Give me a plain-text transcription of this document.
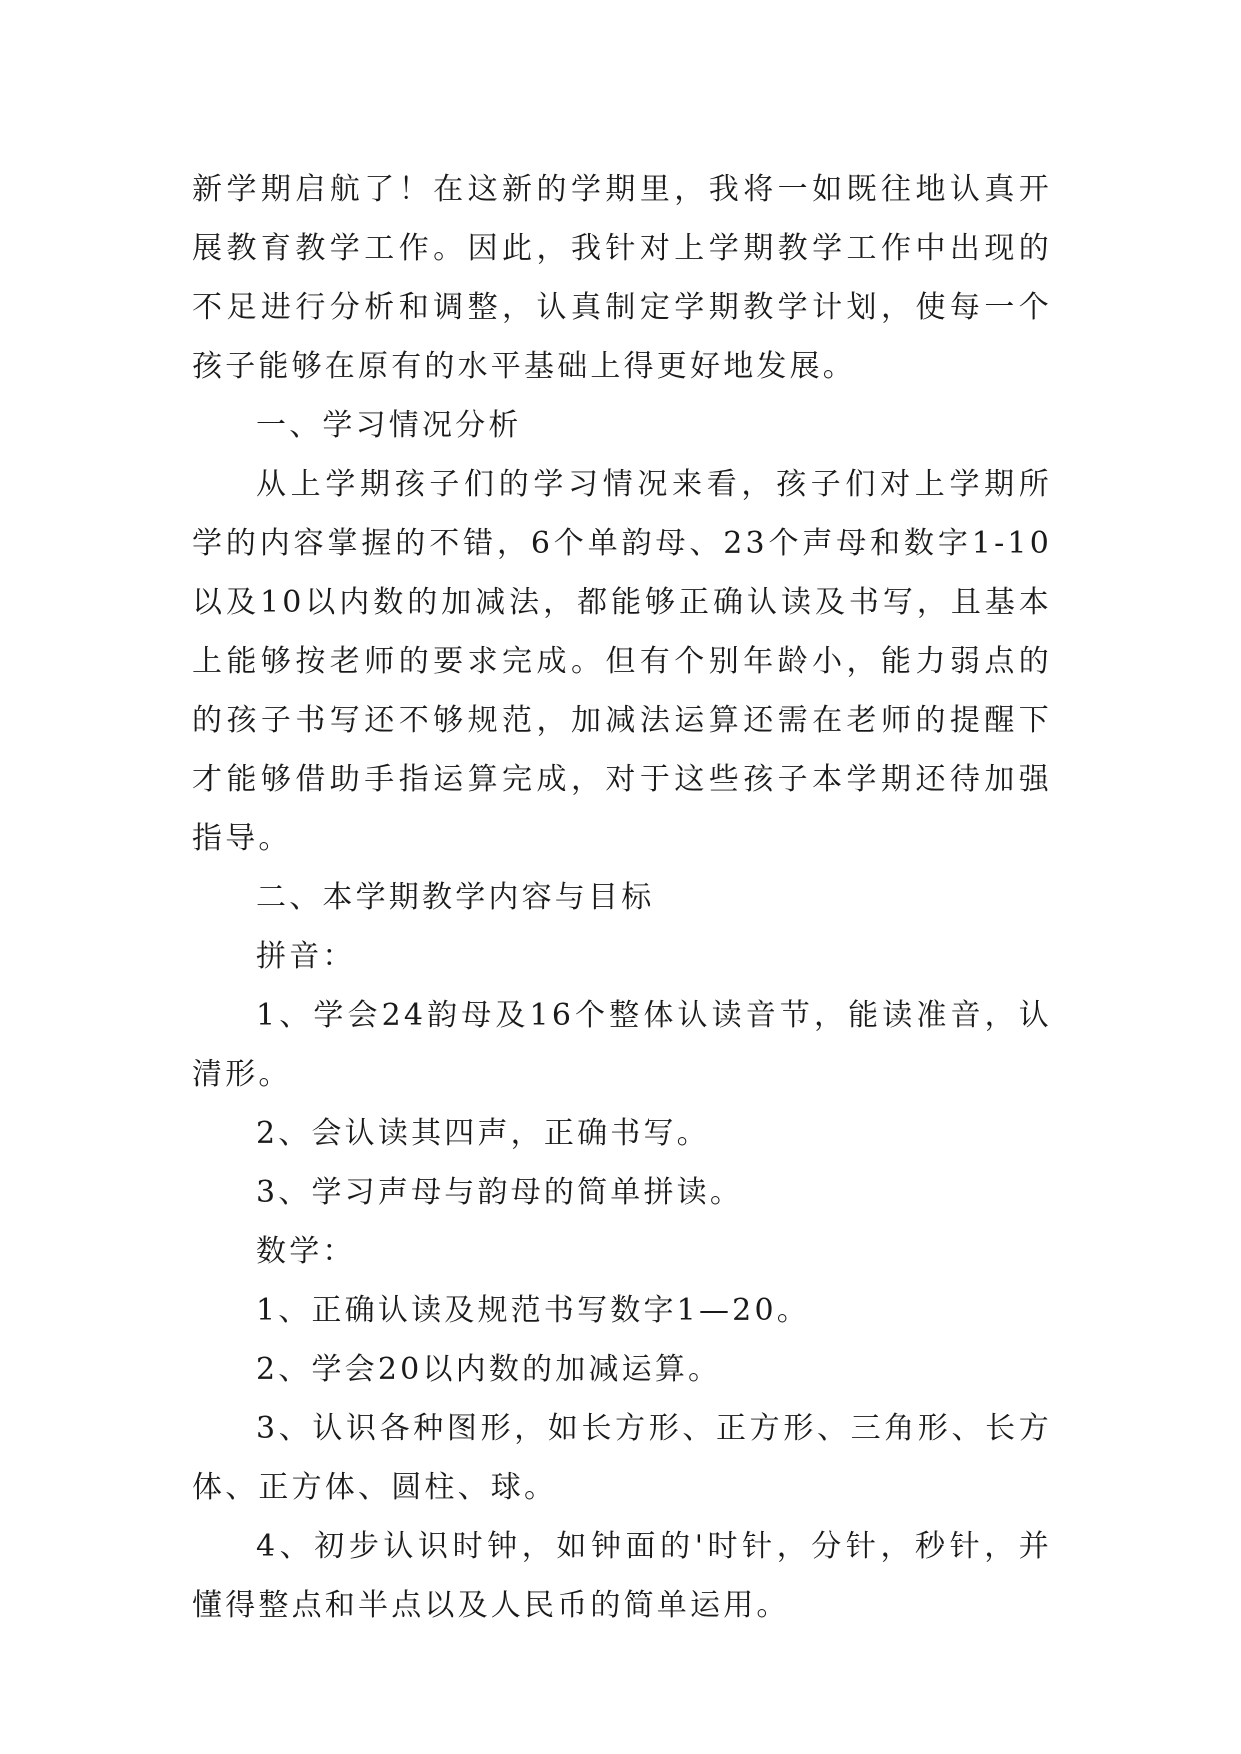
新学期启航了！在这新的学期里，我将一如既往地认真开展教育教学工作。因此，我针对上学期教学工作中出现的不足进行分析和调整，认真制定学期教学计划，使每一个孩子能够在原有的水平基础上得更好地发展。

一、学习情况分析

从上学期孩子们的学习情况来看，孩子们对上学期所学的内容掌握的不错，6个单韵母、23个声母和数字1-10以及10以内数的加减法，都能够正确认读及书写，且基本上能够按老师的要求完成。但有个别年龄小，能力弱点的的孩子书写还不够规范，加减法运算还需在老师的提醒下才能够借助手指运算完成，对于这些孩子本学期还待加强指导。

二、本学期教学内容与目标

拼音：

1、学会24韵母及16个整体认读音节，能读准音，认清形。

2、会认读其四声，正确书写。

3、学习声母与韵母的简单拼读。

数学：

1、正确认读及规范书写数字1—20。

2、学会20以内数的加减运算。

3、认识各种图形，如长方形、正方形、三角形、长方体、正方体、圆柱、球。

4、初步认识时钟，如钟面的'时针，分针，秒针，并懂得整点和半点以及人民币的简单运用。
